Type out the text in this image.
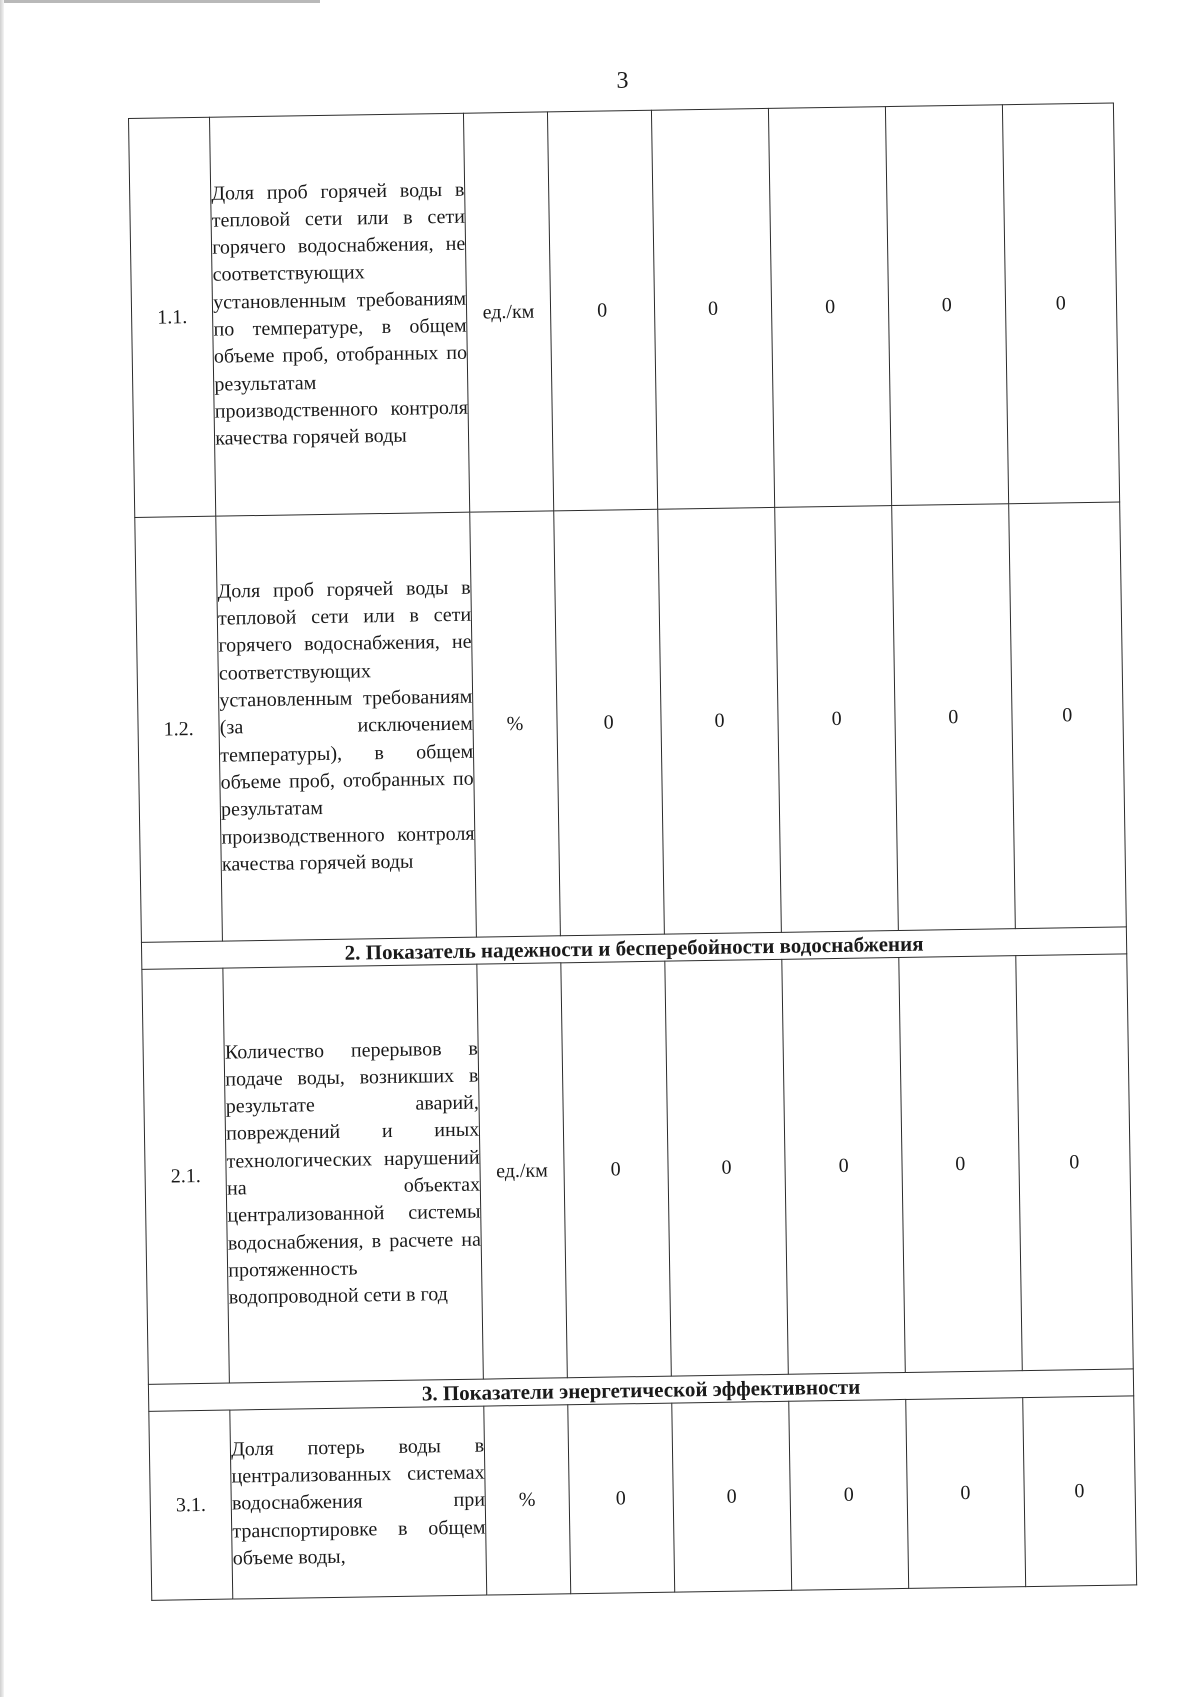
3
1.1.	Доля проб горячей воды в тепловой сети или в сети горячего водоснабжения, не соответствующих установленным требованиям по температуре, в общем объеме проб, отобранных по результатам производственного контроля качества горячей воды	ед./км	0	0	0	0	0
1.2.	Доля проб горячей воды в тепловой сети или в сети горячего водоснабжения, не соответствующих установленным требованиям (за исключением температуры), в общем объеме проб, отобранных по результатам производственного контроля качества горячей воды	%	0	0	0	0	0
2. Показатель надежности и бесперебойности водоснабжения							
2.1.	Количество перерывов в подаче воды, возникших в результате аварий, повреждений и иных технологических нарушений на объектах централизованной системы водоснабжения, в расчете на протяженность водопроводной сети в год	ед./км	0	0	0	0	0
3. Показатели энергетической эффективности							
3.1.	Доля потерь воды в централизованных системах водоснабжения при транспортировке в общем объеме воды,	%	0	0	0	0	0
